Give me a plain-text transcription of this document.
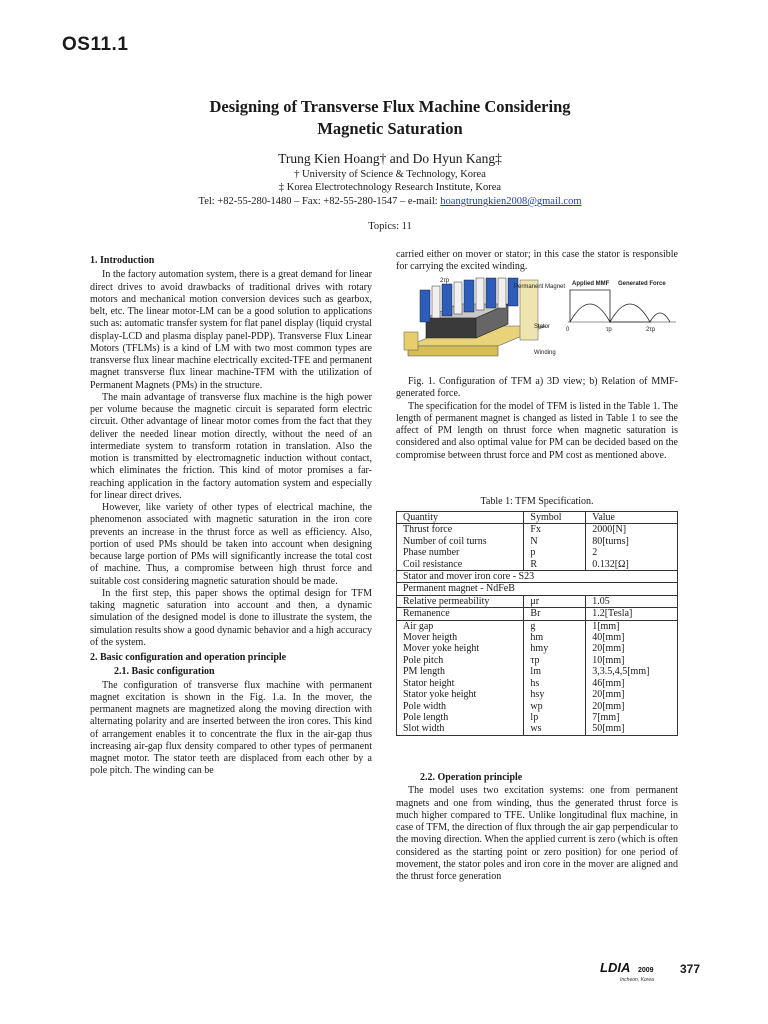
OS11.1
Designing of Transverse Flux Machine Considering
Magnetic Saturation
Trung Kien Hoang† and Do Hyun Kang‡
† University of Science & Technology, Korea
‡ Korea Electrotechnology Research Institute, Korea
Tel: +82-55-280-1480 – Fax: +82-55-280-1547 – e-mail: hoangtrungkien2008@gmail.com
Topics: 11
1. Introduction

In the factory automation system, there is a great demand for linear direct drives to avoid drawbacks of traditional drives with rotary motors and mechanical motion conversion devices such as gearbox, belt, etc. The linear motor-LM can be a good solution to applications such as: automatic transfer system for flat panel display (liquid crystal display-LCD and plasma display panel-PDP). Transverse Flux Linear Motors (TFLMs) is a kind of LM with two most common types are transverse flux linear machine electrically excited-TFE and permanent magnet transverse flux linear machine-TFM with the utilization of Permanent Magnets (PMs) in the structure.

The main advantage of transverse flux machine is the high power per volume because the magnetic circuit is separated form electric circuit. Other advantage of linear motor comes from the fact that they deliver the needed linear motion directly, without the need of an intermediate system to transform rotation in translation. Also the motion is transmitted by electromagnetic induction without contact, which eliminates the friction. This kind of motor promises a far-reaching application in the factory automation system and especially for linear direct drives.

However, like variety of other types of electrical machine, the phenomenon associated with magnetic saturation in the iron core prevents an increase in the thrust force as well as efficiency. Also, portion of used PMs should be taken into account when designing because large portion of PMs will significantly increase the total cost of machine. Thus, a compromise between high thrust force and suitable cost considering magnetic saturation should be made.

In the first step, this paper shows the optimal design for TFM taking magnetic saturation into account and then, a dynamic simulation of the designed model is done to illustrate the system, the simulation results show a good dynamic behavior and a high accuracy of the system.

2. Basic configuration and operation principle
2.1. Basic configuration

The configuration of transverse flux machine with permanent magnet excitation is shown in the Fig. 1.a. In the mover, the permanent magnets are magnetized along the moving direction with alternating polarity and are inserted between the iron cores. This kind of arrangement enables it to concentrate the flux in the air-gap thus increasing air-gap flux density compared to other types of permanent magnet motor. The stator teeth are displaced from each other by a pole pitch. The winding can be

carried either on mover or stator; in this case the stator is responsible for carrying the excited winding.

Permanent Magnet
Stator
Winding
2τp	Applied MMF Generated Force
0	τp	2τp

Fig. 1. Configuration of TFM a) 3D view; b) Relation of MMF-generated force.

The specification for the model of TFM is listed in the Table 1. The length of permanent magnet is changed as listed in Table 1 to see the affect of PM length on thrust force when magnetic saturation is considered and also optimal value for PM can be decided based on the compromise between thrust force and PM cost as mentioned above.

Table 1: TFM Specification.
Quantity	Symbol	Value
Thrust force	Fx	2000[N]
Number of coil turns	N	80[turns]
Phase number	p	2
Coil resistance	R	0.132[Ω]
Stator and mover iron core - S23		
Permanent magnet - NdFeB		
Relative permeability	μr	1.05
Remanence	Br	1.2[Tesla]
Air gap	g	1[mm]
Mover heigth	hm	40[mm]
Mover yoke height	hmy	20[mm]
Pole pitch	τp	10[mm]
PM length	lm	3,3.5,4,5[mm]
Stator height	hs	46[mm]
Stator yoke height	hsy	20[mm]
Pole width	wp	20[mm]
Pole length	lp	7[mm]
Slot width	ws	50[mm]
2.2. Operation principle

The model uses two excitation systems: one from permanent magnets and one from winding, thus the generated thrust force is much higher compared to TFE. Unlike longitudinal flux machine, in case of TFM, the direction of flux through the air gap perpendicular to the moving direction. When the applied current is zero (which is often considered as the starting point or zero position) for one period of movement, the stator poles and iron core in the mover are aligned and the thrust force generation

LDIA 2009
Incheon, Korea
377
